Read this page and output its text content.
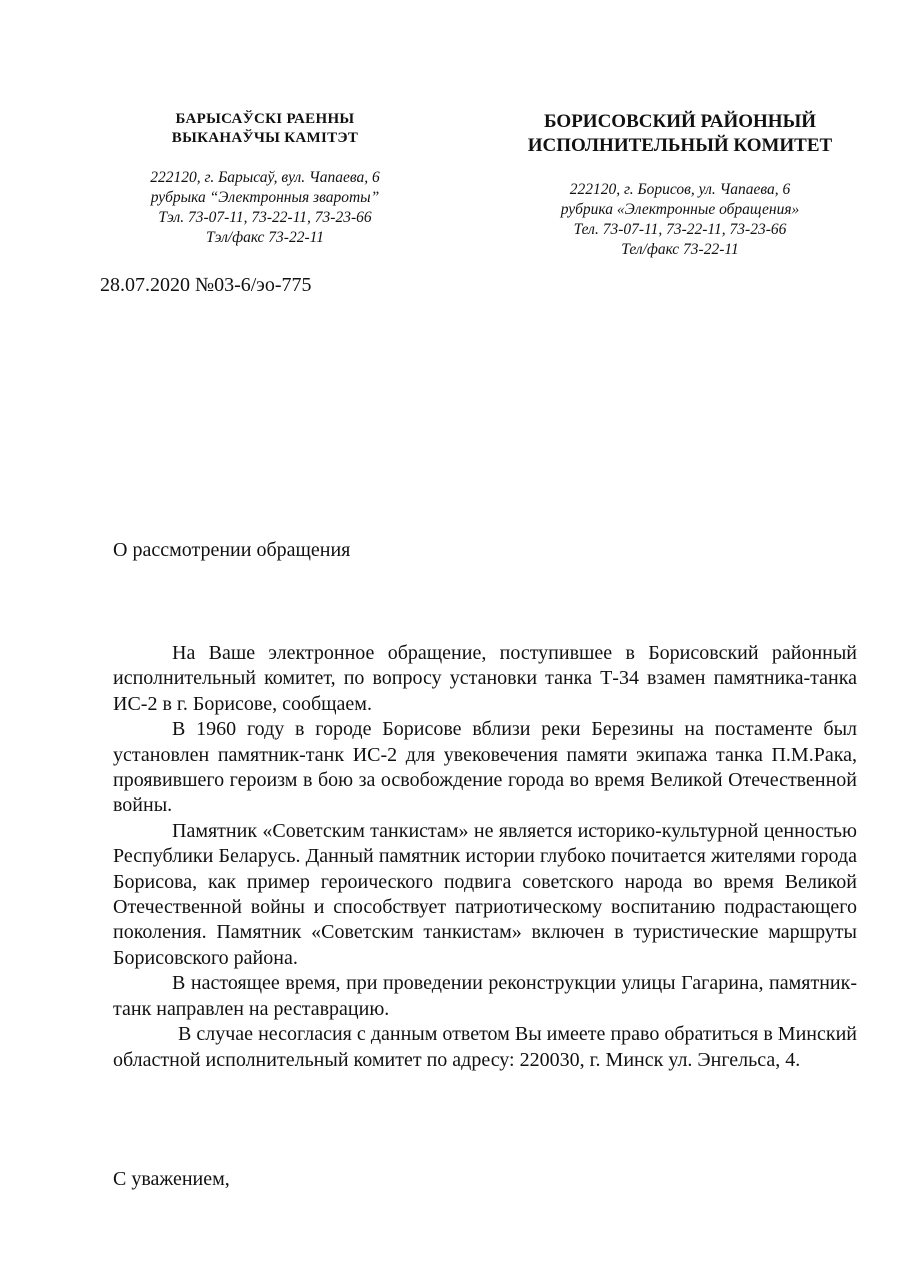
БАРЫСАЎСКІ РАЕННЫ
ВЫКАНАЎЧЫ КАМІТЭТ
222120, г. Барысаў, вул. Чапаева, 6
рубрыка “Электронныя звароты”
Тэл. 73-07-11, 73-22-11, 73-23-66
Тэл/факс 73-22-11
БОРИСОВСКИЙ РАЙОННЫЙ
ИСПОЛНИТЕЛЬНЫЙ КОМИТЕТ
222120, г. Борисов, ул. Чапаева, 6
рубрика «Электронные обращения»
Тел. 73-07-11, 73-22-11, 73-23-66
Тел/факс 73-22-11
28.07.2020 №03-6/эо-775
О рассмотрении обращения

На Ваше электронное обращение, поступившее в Борисовский районный исполнительный комитет, по вопросу установки танка Т-34 взамен памятника-танка ИС-2 в г. Борисове, сообщаем.

В 1960 году в городе Борисове вблизи реки Березины на постаменте был установлен памятник-танк ИС-2 для увековечения памяти экипажа танка П.М.Рака, проявившего героизм в бою за освобождение города во время Великой Отечественной войны.

Памятник «Советским танкистам» не является историко-культурной ценностью Республики Беларусь. Данный памятник истории глубоко почитается жителями города Борисова, как пример героического подвига советского народа во время Великой Отечественной войны и способствует патриотическому воспитанию подрастающего поколения. Памятник «Советским танкистам» включен в туристические маршруты Борисовского района.

В настоящее время, при проведении реконструкции улицы Гагарина, памятник-танк направлен на реставрацию.

В случае несогласия с данным ответом Вы имеете право обратиться в Минский областной исполнительный комитет по адресу: 220030, г. Минск ул. Энгельса, 4.

С уважением,
